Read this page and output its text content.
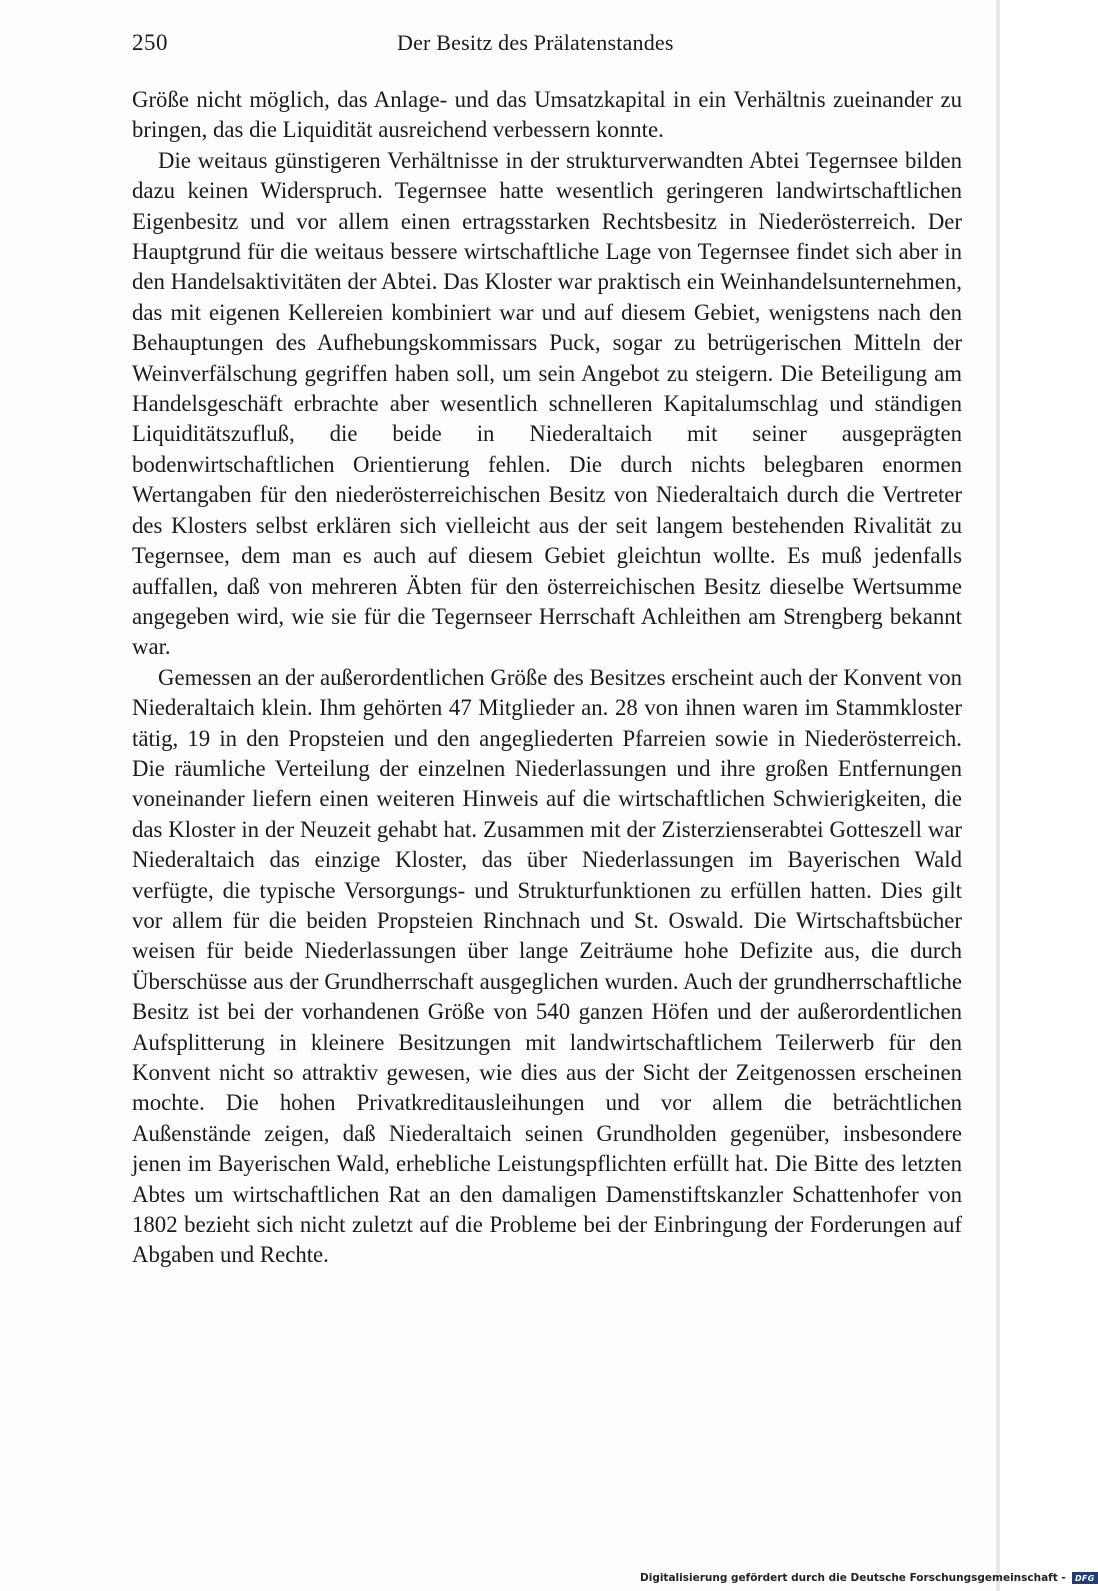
250	Der Besitz des Prälatenstandes

Größe nicht möglich, das Anlage- und das Umsatzkapital in ein Verhältnis zueinander zu bringen, das die Liquidität ausreichend verbessern konnte.

Die weitaus günstigeren Verhältnisse in der strukturverwandten Abtei Tegernsee bilden dazu keinen Widerspruch. Tegernsee hatte wesentlich geringeren landwirtschaftlichen Eigenbesitz und vor allem einen ertragsstarken Rechtsbesitz in Niederösterreich. Der Hauptgrund für die weitaus bessere wirtschaftliche Lage von Tegernsee findet sich aber in den Handelsaktivitäten der Abtei. Das Kloster war praktisch ein Weinhandelsunternehmen, das mit eigenen Kellereien kombiniert war und auf diesem Gebiet, wenigstens nach den Behauptungen des Aufhebungskommissars Puck, sogar zu betrügerischen Mitteln der Weinverfälschung gegriffen haben soll, um sein Angebot zu steigern. Die Beteiligung am Handelsgeschäft erbrachte aber wesentlich schnelleren Kapitalumschlag und ständigen Liquiditätszufluß, die beide in Niederaltaich mit seiner ausgeprägten bodenwirtschaftlichen Orientierung fehlen. Die durch nichts belegbaren enormen Wertangaben für den niederösterreichischen Besitz von Niederaltaich durch die Vertreter des Klosters selbst erklären sich vielleicht aus der seit langem bestehenden Rivalität zu Tegernsee, dem man es auch auf diesem Gebiet gleichtun wollte. Es muß jedenfalls auffallen, daß von mehreren Äbten für den österreichischen Besitz dieselbe Wertsumme angegeben wird, wie sie für die Tegernseer Herrschaft Achleithen am Strengberg bekannt war.

Gemessen an der außerordentlichen Größe des Besitzes erscheint auch der Konvent von Niederaltaich klein. Ihm gehörten 47 Mitglieder an. 28 von ihnen waren im Stammkloster tätig, 19 in den Propsteien und den angegliederten Pfarreien sowie in Niederösterreich. Die räumliche Verteilung der einzelnen Niederlassungen und ihre großen Entfernungen voneinander liefern einen weiteren Hinweis auf die wirtschaftlichen Schwierigkeiten, die das Kloster in der Neuzeit gehabt hat. Zusammen mit der Zisterzienserabtei Gotteszell war Niederaltaich das einzige Kloster, das über Niederlassungen im Bayerischen Wald verfügte, die typische Versorgungs- und Strukturfunktionen zu erfüllen hatten. Dies gilt vor allem für die beiden Propsteien Rinchnach und St. Oswald. Die Wirtschaftsbücher weisen für beide Niederlassungen über lange Zeiträume hohe Defizite aus, die durch Überschüsse aus der Grundherrschaft ausgeglichen wurden. Auch der grundherrschaftliche Besitz ist bei der vorhandenen Größe von 540 ganzen Höfen und der außerordentlichen Aufsplitterung in kleinere Besitzungen mit landwirtschaftlichem Teilerwerb für den Konvent nicht so attraktiv gewesen, wie dies aus der Sicht der Zeitgenossen erscheinen mochte. Die hohen Privatkreditausleihungen und vor allem die beträchtlichen Außenstände zeigen, daß Niederaltaich seinen Grundholden gegenüber, insbesondere jenen im Bayerischen Wald, erhebliche Leistungspflichten erfüllt hat. Die Bitte des letzten Abtes um wirtschaftlichen Rat an den damaligen Damenstiftskanzler Schattenhofer von 1802 bezieht sich nicht zuletzt auf die Probleme bei der Einbringung der Forderungen auf Abgaben und Rechte.

Digitalisierung gefördert durch die Deutsche Forschungsgemeinschaft -	DFG
